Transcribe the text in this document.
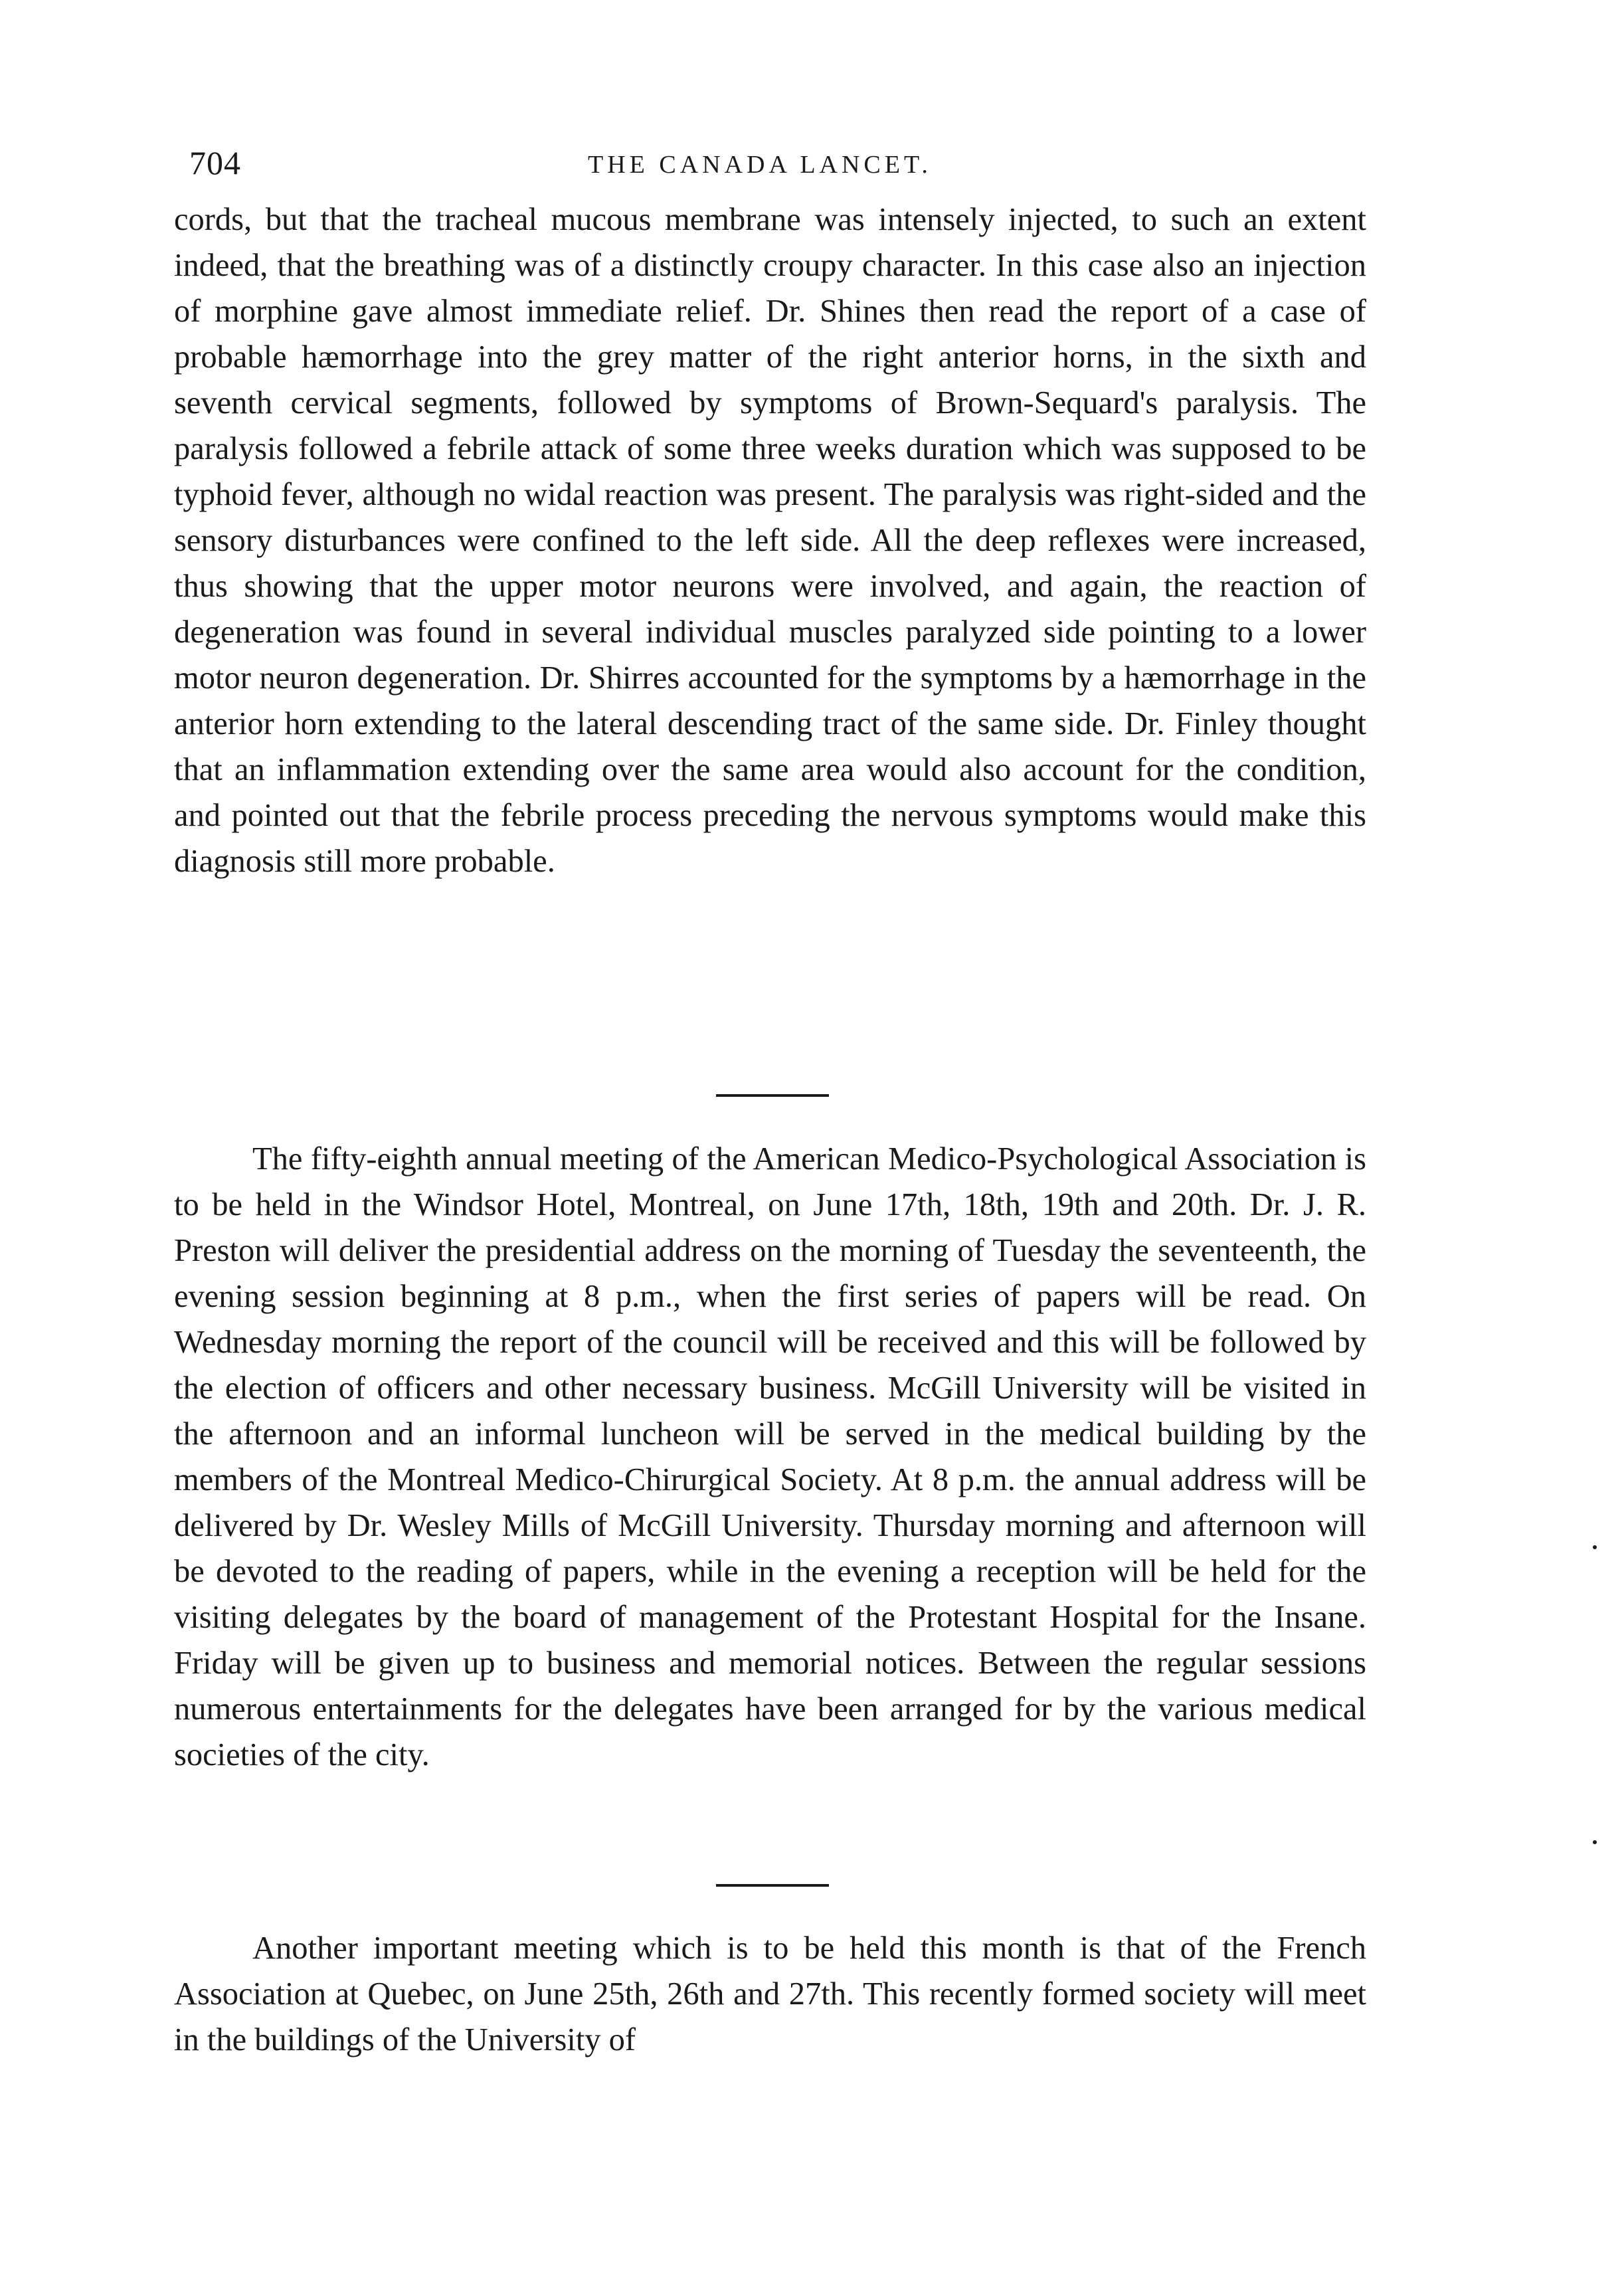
704	THE CANADA LANCET.

cords, but that the tracheal mucous membrane was intensely injected, to such an extent indeed, that the breathing was of a distinctly croupy character. In this case also an injection of morphine gave almost immediate relief. Dr. Shines then read the report of a case of probable hæmorrhage into the grey matter of the right anterior horns, in the sixth and seventh cervical segments, followed by symptoms of Brown-Sequard's paralysis. The paralysis followed a febrile attack of some three weeks duration which was supposed to be typhoid fever, although no widal reaction was present. The paralysis was right-sided and the sensory disturbances were confined to the left side. All the deep reflexes were increased, thus showing that the upper motor neurons were involved, and again, the reaction of degeneration was found in several individual muscles paralyzed side pointing to a lower motor neuron degeneration. Dr. Shirres accounted for the symptoms by a hæmorrhage in the anterior horn extending to the lateral descending tract of the same side. Dr. Finley thought that an inflammation extending over the same area would also account for the condition, and pointed out that the febrile process preceding the nervous symptoms would make this diagnosis still more probable.

The fifty-eighth annual meeting of the American Medico-Psychological Association is to be held in the Windsor Hotel, Montreal, on June 17th, 18th, 19th and 20th. Dr. J. R. Preston will deliver the presidential address on the morning of Tuesday the seventeenth, the evening session beginning at 8 p.m., when the first series of papers will be read. On Wednesday morning the report of the council will be received and this will be followed by the election of officers and other necessary business. McGill University will be visited in the afternoon and an informal luncheon will be served in the medical building by the members of the Montreal Medico-Chirurgical Society. At 8 p.m. the annual address will be delivered by Dr. Wesley Mills of McGill University. Thursday morning and afternoon will be devoted to the reading of papers, while in the evening a reception will be held for the visiting delegates by the board of management of the Protestant Hospital for the Insane. Friday will be given up to business and memorial notices. Between the regular sessions numerous entertainments for the delegates have been arranged for by the various medical societies of the city.

Another important meeting which is to be held this month is that of the French Association at Quebec, on June 25th, 26th and 27th. This recently formed society will meet in the buildings of the University of
